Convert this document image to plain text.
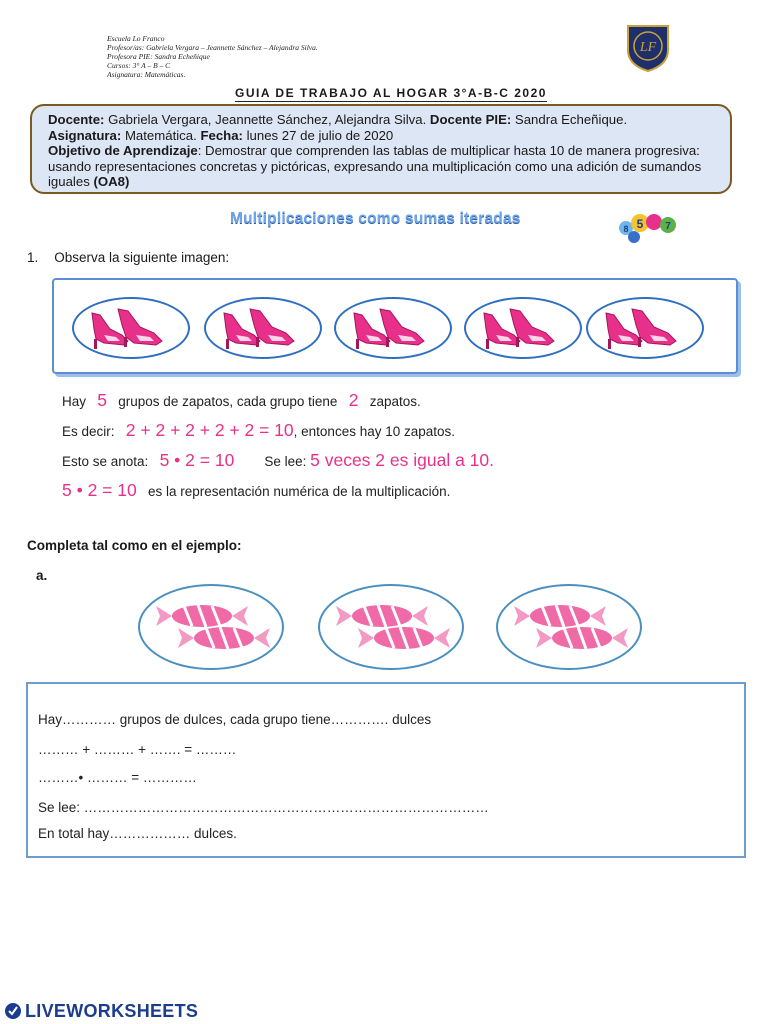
Escuela Lo Franco
Profesor/as: Gabriela Vergara – Jeannette Sánchez – Alejandra Silva.
Profesora PIE: Sandra Echeñique
Cursos: 3° A – B – C
Asignatura: Matemáticas.
LF
GUIA DE TRABAJO AL HOGAR 3°A-B-C 2020
Docente: Gabriela Vergara, Jeannette Sánchez, Alejandra Silva. Docente PIE: Sandra Echeñique.
Asignatura: Matemática. Fecha: lunes 27 de julio de 2020
Objetivo de Aprendizaje: Demostrar que comprenden las tablas de multiplicar hasta 10 de manera progresiva: usando representaciones concretas y pictóricas, expresando una multiplicación como una adición de sumandos iguales (OA8)
Multiplicaciones como sumas iteradas
8 5 7
1. Observa la siguiente imagen:
Hay 5 grupos de zapatos, cada grupo tiene 2 zapatos.
Es decir: 2 + 2 + 2 + 2 + 2 = 10, entonces hay 10 zapatos.
Esto se anota: 5 • 2 = 10 Se lee: 5 veces 2 es igual a 10.
5 • 2 = 10 es la representación numérica de la multiplicación.
Completa tal como en el ejemplo:
a.
Hay………… grupos de dulces, cada grupo tiene…………. dulces
……… + ……… + ……. = ………
………• ……… = …………
Se lee: ………………………………………………………………………………
En total hay……………… dulces.
LIVEWORKSHEETS
